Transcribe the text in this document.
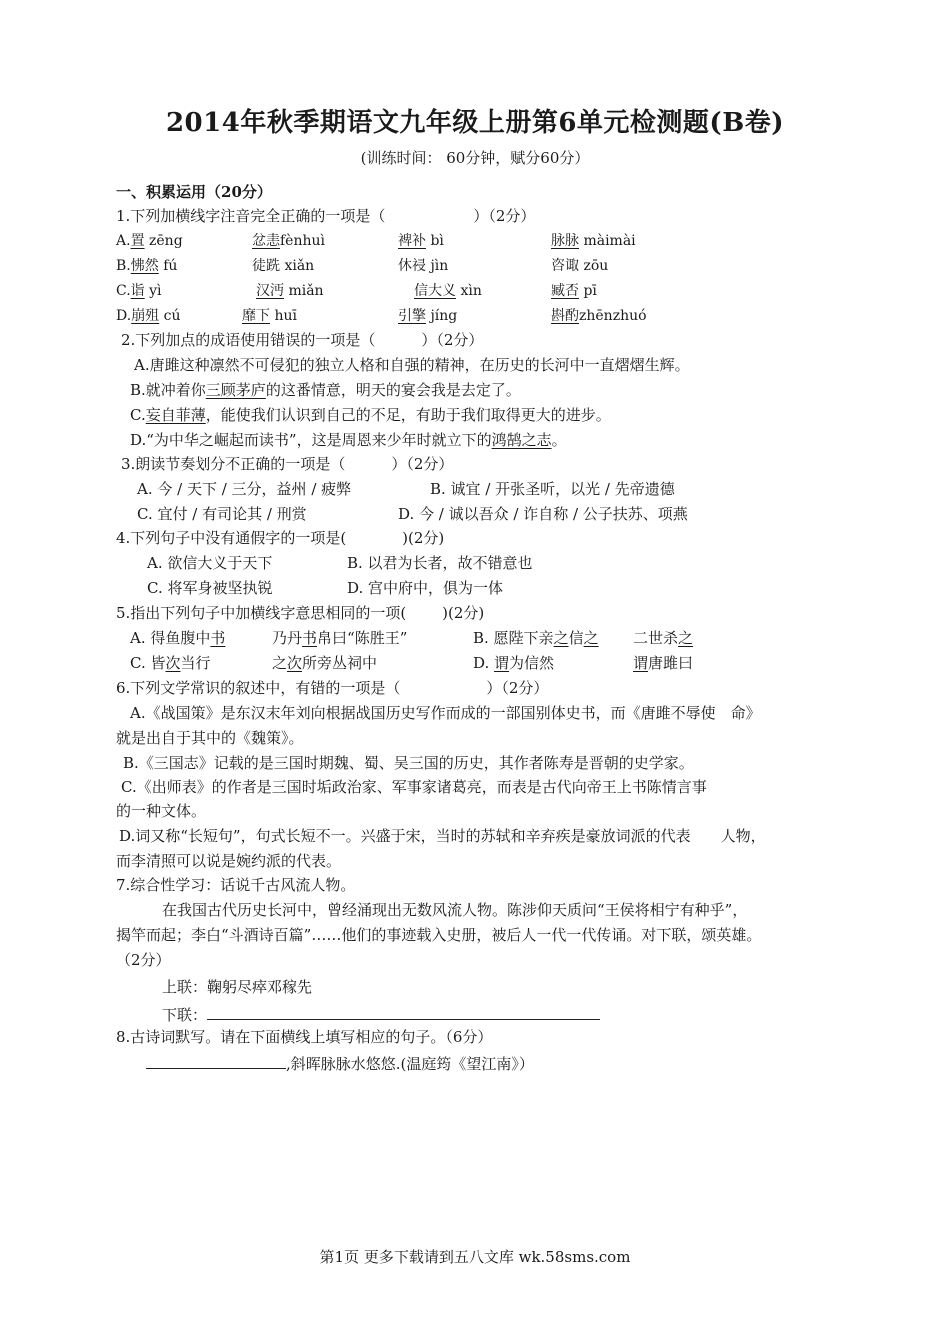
2014年秋季期语文九年级上册第6单元检测题(B卷)
(训练时间： 60分钟，赋分60分）
一、积累运用（20分）
1.下列加横线字注音完全正确的一项是（	）（2分）
A.置 zēng	忿恚fènhuì	裨补 bì	脉脉 màimài
B.怫然 fú	徒跣 xiǎn	休祲 jìn	咨诹 zōu
C.诣 yì	汉沔 miǎn	信大义 xìn	臧否 pī
D.崩殂 cú	靡下 huī	引擎 jíng	斟酌zhēnzhuó
2.下列加点的成语使用错误的一项是（	）（2分）
A.唐雎这种凛然不可侵犯的独立人格和自强的精神，在历史的长河中一直熠熠生辉。
B.就冲着你三顾茅庐的这番情意，明天的宴会我是去定了。
C.妄自菲薄，能使我们认识到自己的不足，有助于我们取得更大的进步。
D.“为中华之崛起而读书”，这是周恩来少年时就立下的鸿鹄之志。
3.朗读节奏划分不正确的一项是（	）（2分）
A. 今 / 天下 / 三分，益州 / 疲弊	B. 诚宜 / 开张圣听，以光 / 先帝遗德
C. 宜付 / 有司论其 / 刑赏	D. 今 / 诚以吾众 / 诈自称 / 公子扶苏、项燕
4.下列句子中没有通假字的一项是(	)(2分)
A. 欲信大义于天下	B. 以君为长者，故不错意也
C. 将军身被坚执锐	D. 宫中府中，俱为一体
5.指出下列句子中加横线字意思相同的一项( )(2分)
A. 得鱼腹中书	乃丹书帛曰“陈胜王”	B. 愿陛下亲之信之 二世杀之
C. 皆次当行	之次所旁丛祠中	D. 谓为信然	谓唐雎曰
6.下列文学常识的叙述中，有错的一项是（	）（2分）
A.《战国策》是东汉末年刘向根据战国历史写作而成的一部国别体史书，而《唐雎不辱使　命》
就是出自于其中的《魏策》。
B.《三国志》记载的是三国时期魏、蜀、吴三国的历史，其作者陈寿是晋朝的史学家。
C.《出师表》的作者是三国时垢政治家、军事家诸葛亮，而表是古代向帝王上书陈情言事
的一种文体。
D.词又称“长短句”，句式长短不一。兴盛于宋，当时的苏轼和辛弃疾是豪放词派的代表　　人物，
而李清照可以说是婉约派的代表。
7.综合性学习：话说千古风流人物。
在我国古代历史长河中，曾经涌现出无数风流人物。陈涉仰天质问“王侯将相宁有种乎”，
揭竿而起；李白“斗酒诗百篇”……他们的事迹载入史册，被后人一代一代传诵。对下联，颂英雄。
（2分）
上联：鞠躬尽瘁邓稼先
下联：
8.古诗词默写。请在下面横线上填写相应的句子。（6分）
,斜晖脉脉水悠悠.(温庭筠《望江南》）
第1页 更多下载请到五八文库 wk.58sms.com
